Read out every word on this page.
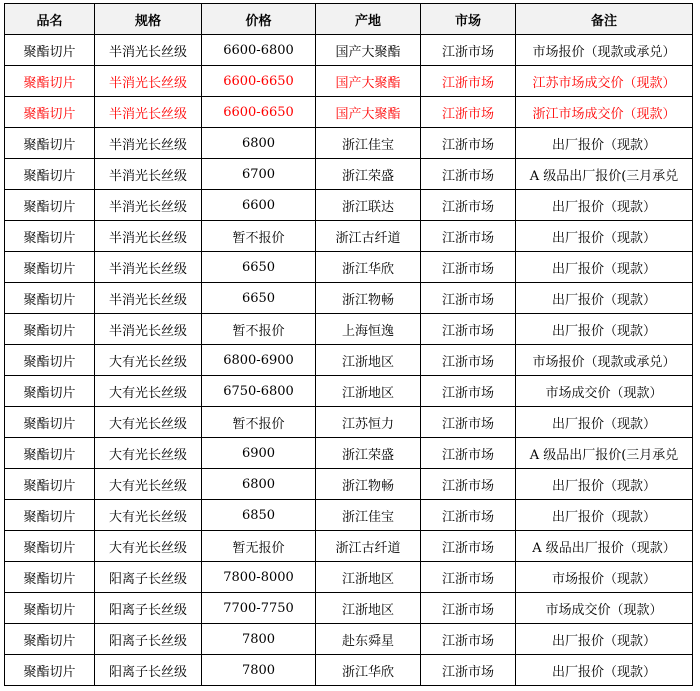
品名	规格	价格	产地	市场	备注
聚酯切片	半消光长丝级	6600-6800	国产大聚酯	江浙市场	市场报价（现款或承兑）
聚酯切片	半消光长丝级	6600-6650	国产大聚酯	江浙市场	江苏市场成交价（现款）
聚酯切片	半消光长丝级	6600-6650	国产大聚酯	江浙市场	浙江市场成交价（现款）
聚酯切片	半消光长丝级	6800	浙江佳宝	江浙市场	出厂报价（现款）
聚酯切片	半消光长丝级	6700	浙江荣盛	江浙市场	A 级品出厂报价(三月承兑
聚酯切片	半消光长丝级	6600	浙江联达	江浙市场	出厂报价（现款）
聚酯切片	半消光长丝级	暂不报价	浙江古纤道	江浙市场	出厂报价（现款）
聚酯切片	半消光长丝级	6650	浙江华欣	江浙市场	出厂报价（现款）
聚酯切片	半消光长丝级	6650	浙江物畅	江浙市场	出厂报价（现款）
聚酯切片	半消光长丝级	暂不报价	上海恒逸	江浙市场	出厂报价（现款）
聚酯切片	大有光长丝级	6800-6900	江浙地区	江浙市场	市场报价（现款或承兑）
聚酯切片	大有光长丝级	6750-6800	江浙地区	江浙市场	市场成交价（现款）
聚酯切片	大有光长丝级	暂不报价	江苏恒力	江浙市场	出厂报价（现款）
聚酯切片	大有光长丝级	6900	浙江荣盛	江浙市场	A 级品出厂报价(三月承兑
聚酯切片	大有光长丝级	6800	浙江物畅	江浙市场	出厂报价（现款）
聚酯切片	大有光长丝级	6850	浙江佳宝	江浙市场	出厂报价（现款）
聚酯切片	大有光长丝级	暂无报价	浙江古纤道	江浙市场	A 级品出厂报价（现款）
聚酯切片	阳离子长丝级	7800-8000	江浙地区	江浙市场	市场报价（现款）
聚酯切片	阳离子长丝级	7700-7750	江浙地区	江浙市场	市场成交价（现款）
聚酯切片	阳离子长丝级	7800	赴东舜星	江浙市场	出厂报价（现款）
聚酯切片	阳离子长丝级	7800	浙江华欣	江浙市场	出厂报价（现款）
